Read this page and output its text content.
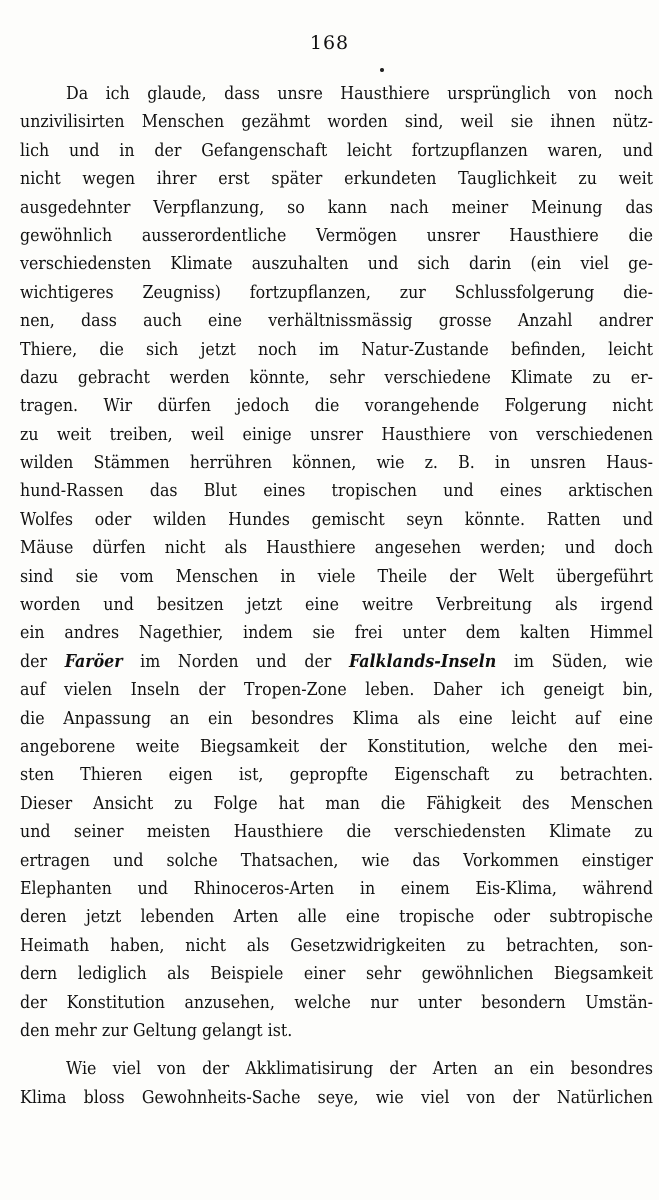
168
Da ich glaude, dass unsre Hausthiere ursprünglich von noch
unzivilisirten Menschen gezähmt worden sind, weil sie ihnen nütz-
lich und in der Gefangenschaft leicht fortzupflanzen waren, und
nicht wegen ihrer erst später erkundeten Tauglichkeit zu weit
ausgedehnter Verpflanzung, so kann nach meiner Meinung das
gewöhnlich ausserordentliche Vermögen unsrer Hausthiere die
verschiedensten Klimate auszuhalten und sich darin (ein viel ge-
wichtigeres Zeugniss) fortzupflanzen, zur Schlussfolgerung die-
nen, dass auch eine verhältnissmässig grosse Anzahl andrer
Thiere, die sich jetzt noch im Natur-Zustande befinden, leicht
dazu gebracht werden könnte, sehr verschiedene Klimate zu er-
tragen. Wir dürfen jedoch die vorangehende Folgerung nicht
zu weit treiben, weil einige unsrer Hausthiere von verschiedenen
wilden Stämmen herrühren können, wie z. B. in unsren Haus-
hund-Rassen das Blut eines tropischen und eines arktischen
Wolfes oder wilden Hundes gemischt seyn könnte. Ratten und
Mäuse dürfen nicht als Hausthiere angesehen werden; und doch
sind sie vom Menschen in viele Theile der Welt übergeführt
worden und besitzen jetzt eine weitre Verbreitung als irgend
ein andres Nagethier, indem sie frei unter dem kalten Himmel
der Faröer im Norden und der Falklands-Inseln im Süden, wie
auf vielen Inseln der Tropen-Zone leben. Daher ich geneigt bin,
die Anpassung an ein besondres Klima als eine leicht auf eine
angeborene weite Biegsamkeit der Konstitution, welche den mei-
sten Thieren eigen ist, gepropfte Eigenschaft zu betrachten.
Dieser Ansicht zu Folge hat man die Fähigkeit des Menschen
und seiner meisten Hausthiere die verschiedensten Klimate zu
ertragen und solche Thatsachen, wie das Vorkommen einstiger
Elephanten und Rhinoceros-Arten in einem Eis-Klima, während
deren jetzt lebenden Arten alle eine tropische oder subtropische
Heimath haben, nicht als Gesetzwidrigkeiten zu betrachten, son-
dern lediglich als Beispiele einer sehr gewöhnlichen Biegsamkeit
der Konstitution anzusehen, welche nur unter besondern Umstän-
den mehr zur Geltung gelangt ist.
Wie viel von der Akklimatisirung der Arten an ein besondres
Klima bloss Gewohnheits-Sache seye, wie viel von der Natürlichen
